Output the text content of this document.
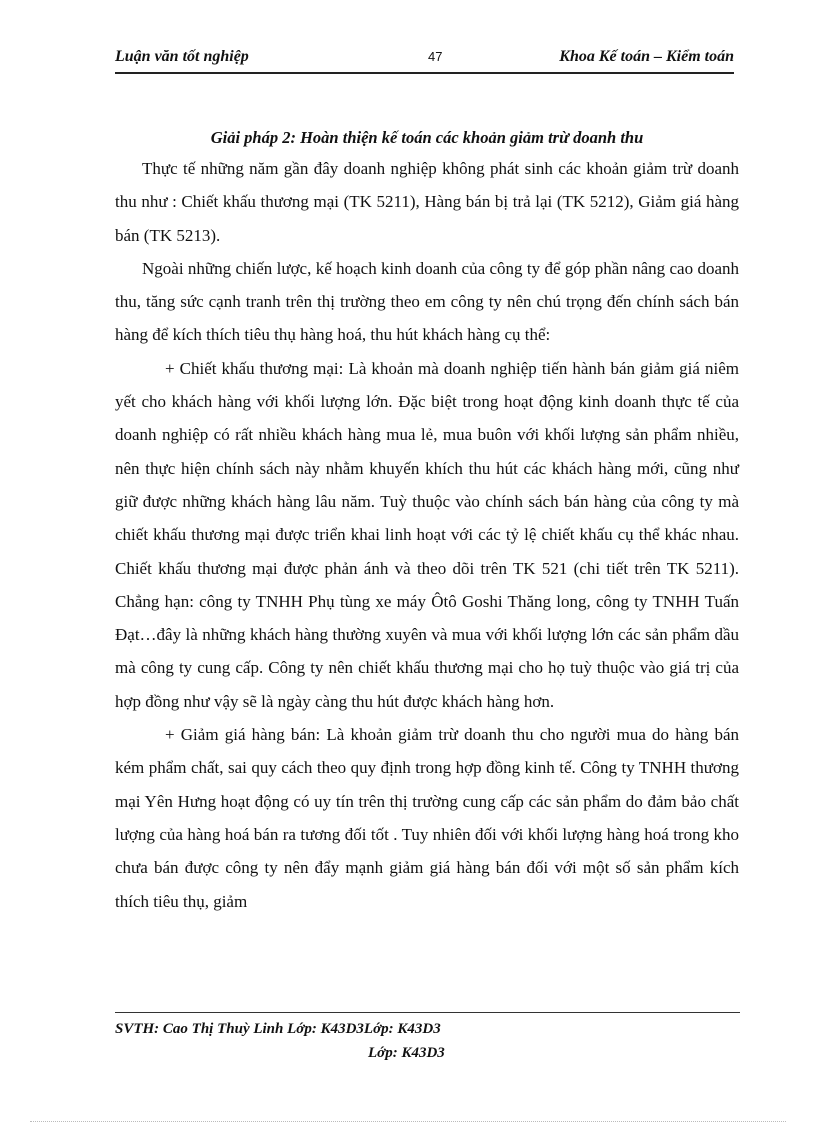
Luận văn tốt nghiệp	47	Khoa Kế toán – Kiểm toán
Giải pháp 2: Hoàn thiện kế toán các khoản giảm trừ doanh thu

Thực tế những năm gần đây doanh nghiệp không phát sinh các khoản giảm trừ doanh thu như : Chiết khấu thương mại (TK 5211), Hàng bán bị trả lại (TK 5212), Giảm giá hàng bán (TK 5213).

Ngoài những chiến lược, kế hoạch kinh doanh của công ty để góp phần nâng cao doanh thu, tăng sức cạnh tranh trên thị trường theo em công ty nên chú trọng đến chính sách bán hàng để kích thích tiêu thụ hàng hoá, thu hút khách hàng cụ thể:

+ Chiết khấu thương mại: Là khoản mà doanh nghiệp tiến hành bán giảm giá niêm yết cho khách hàng với khối lượng lớn. Đặc biệt trong hoạt động kinh doanh thực tế của doanh nghiệp có rất nhiều khách hàng mua lẻ, mua buôn với khối lượng sản phẩm nhiều, nên thực hiện chính sách này nhằm khuyến khích thu hút các khách hàng mới, cũng như giữ được những khách hàng lâu năm. Tuỳ thuộc vào chính sách bán hàng của công ty mà chiết khấu thương mại được triển khai linh hoạt với các tỷ lệ chiết khấu cụ thể khác nhau. Chiết khấu thương mại được phản ánh và theo dõi trên TK 521 (chi tiết trên TK 5211). Chẳng hạn: công ty TNHH Phụ tùng xe máy Ôtô Goshi Thăng long, công ty TNHH Tuấn Đạt…đây là những khách hàng thường xuyên và mua với khối lượng lớn các sản phẩm dầu mà công ty cung cấp. Công ty nên chiết khấu thương mại cho họ tuỳ thuộc vào giá trị của hợp đồng như vậy sẽ là ngày càng thu hút được khách hàng hơn.

+ Giảm giá hàng bán: Là khoản giảm trừ doanh thu cho người mua do hàng bán kém phẩm chất, sai quy cách theo quy định trong hợp đồng kinh tế. Công ty TNHH thương mại Yên Hưng hoạt động có uy tín trên thị trường cung cấp các sản phẩm do đảm bảo chất lượng của hàng hoá bán ra tương đối tốt . Tuy nhiên đối với khối lượng hàng hoá trong kho chưa bán được công ty nên đẩy mạnh giảm giá hàng bán đối với một số sản phẩm kích thích tiêu thụ, giảm

SVTH: Cao Thị Thuỳ Linh Lớp: K43D3Lớp: K43D3
Lớp: K43D3
